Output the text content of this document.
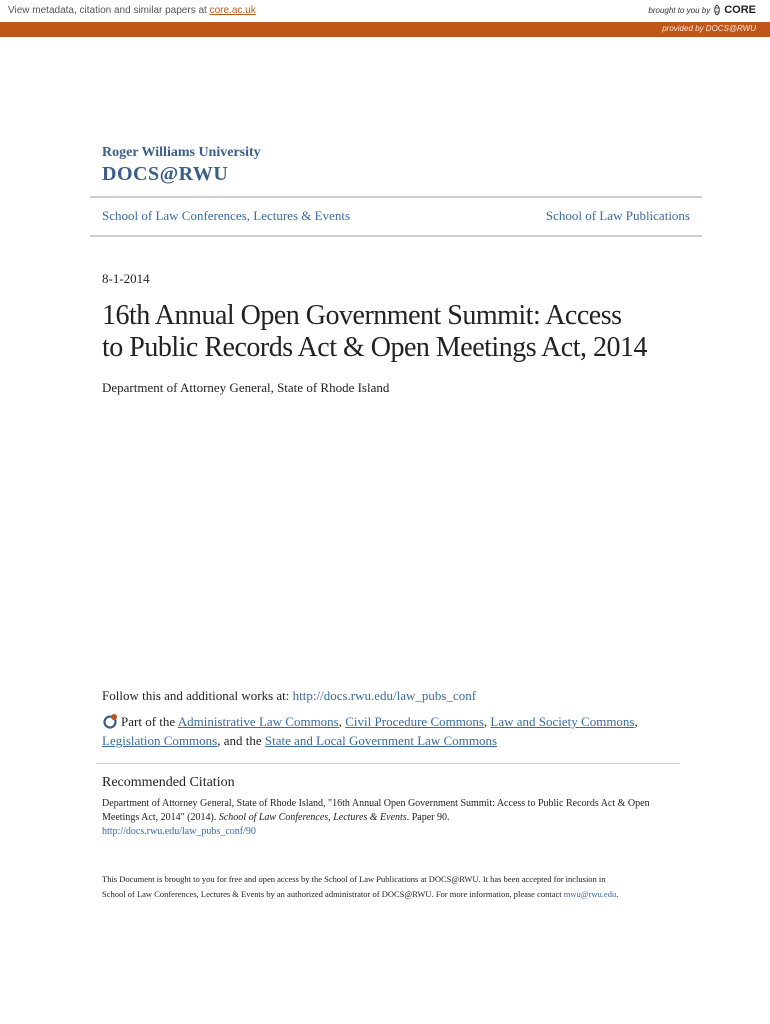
View metadata, citation and similar papers at core.ac.uk	brought to you by CORE
provided by DOCS@RWU
Roger Williams University
DOCS@RWU
School of Law Conferences, Lectures & Events	School of Law Publications
8-1-2014
16th Annual Open Government Summit: Access
to Public Records Act & Open Meetings Act, 2014
Department of Attorney General, State of Rhode Island
Follow this and additional works at: http://docs.rwu.edu/law_pubs_conf
Part of the Administrative Law Commons, Civil Procedure Commons, Law and Society Commons, Legislation Commons, and the State and Local Government Law Commons
Recommended Citation
Department of Attorney General, State of Rhode Island, "16th Annual Open Government Summit: Access to Public Records Act & Open Meetings Act, 2014" (2014). School of Law Conferences, Lectures & Events. Paper 90.
http://docs.rwu.edu/law_pubs_conf/90
This Document is brought to you for free and open access by the School of Law Publications at DOCS@RWU. It has been accepted for inclusion in
School of Law Conferences, Lectures & Events by an authorized administrator of DOCS@RWU. For more information, please contact mwu@rwu.edu.
